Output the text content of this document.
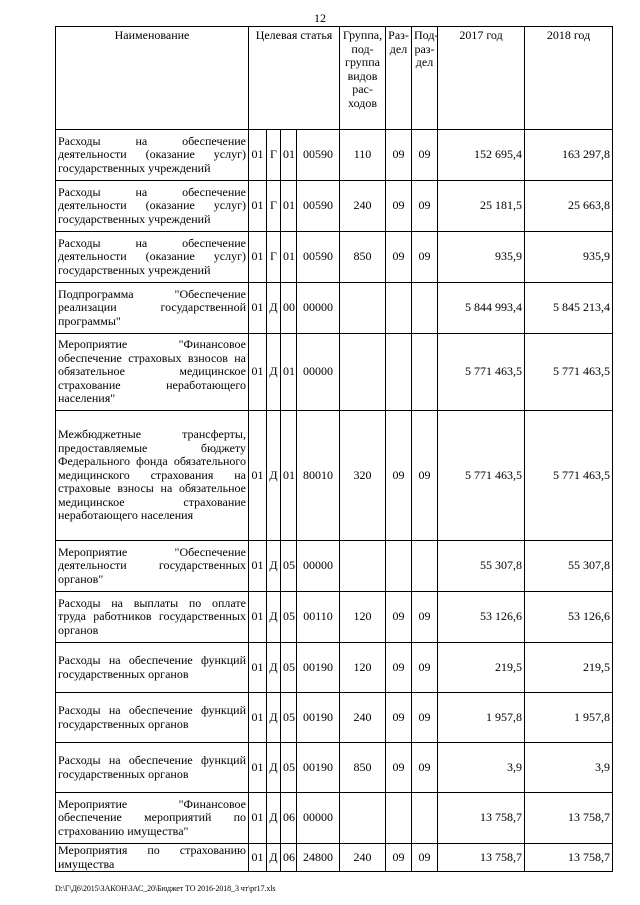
12
Наименование	Целевая статья				Группа, под-группа видов рас-ходов	Раз-дел	Под-раз-дел	2017 год	2018 год
Расходы на обеспечение деятельности (оказание услуг) государственных учреждений	01	Г	01	00590	110	09	09	152 695,4	163 297,8
Расходы на обеспечение деятельности (оказание услуг) государственных учреждений	01	Г	01	00590	240	09	09	25 181,5	25 663,8
Расходы на обеспечение деятельности (оказание услуг) государственных учреждений	01	Г	01	00590	850	09	09	935,9	935,9
Подпрограмма "Обеспечение реализации государственной программы"	01	Д	00	00000				5 844 993,4	5 845 213,4
Мероприятие "Финансовое обеспечение страховых взносов на обязательное медицинское страхование неработающего населения"	01	Д	01	00000				5 771 463,5	5 771 463,5
Межбюджетные трансферты, предоставляемые бюджету Федерального фонда обязательного медицинского страхования на страховые взносы на обязательное медицинское страхование неработающего населения	01	Д	01	80010	320	09	09	5 771 463,5	5 771 463,5
Мероприятие "Обеспечение деятельности государственных органов"	01	Д	05	00000				55 307,8	55 307,8
Расходы на выплаты по оплате труда работников государственных органов	01	Д	05	00110	120	09	09	53 126,6	53 126,6
Расходы на обеспечение функций государственных органов	01	Д	05	00190	120	09	09	219,5	219,5
Расходы на обеспечение функций государственных органов	01	Д	05	00190	240	09	09	1 957,8	1 957,8
Расходы на обеспечение функций государственных органов	01	Д	05	00190	850	09	09	3,9	3,9
Мероприятие "Финансовое обеспечение мероприятий по страхованию имущества"	01	Д	06	00000				13 758,7	13 758,7
Мероприятия по страхованию имущества	01	Д	06	24800	240	09	09	13 758,7	13 758,7
D:\Г\Д6\2015\ЗАКОН\ЗАС_20\Бюджет ТО 2016-2018_3 чт\pr17.xls
